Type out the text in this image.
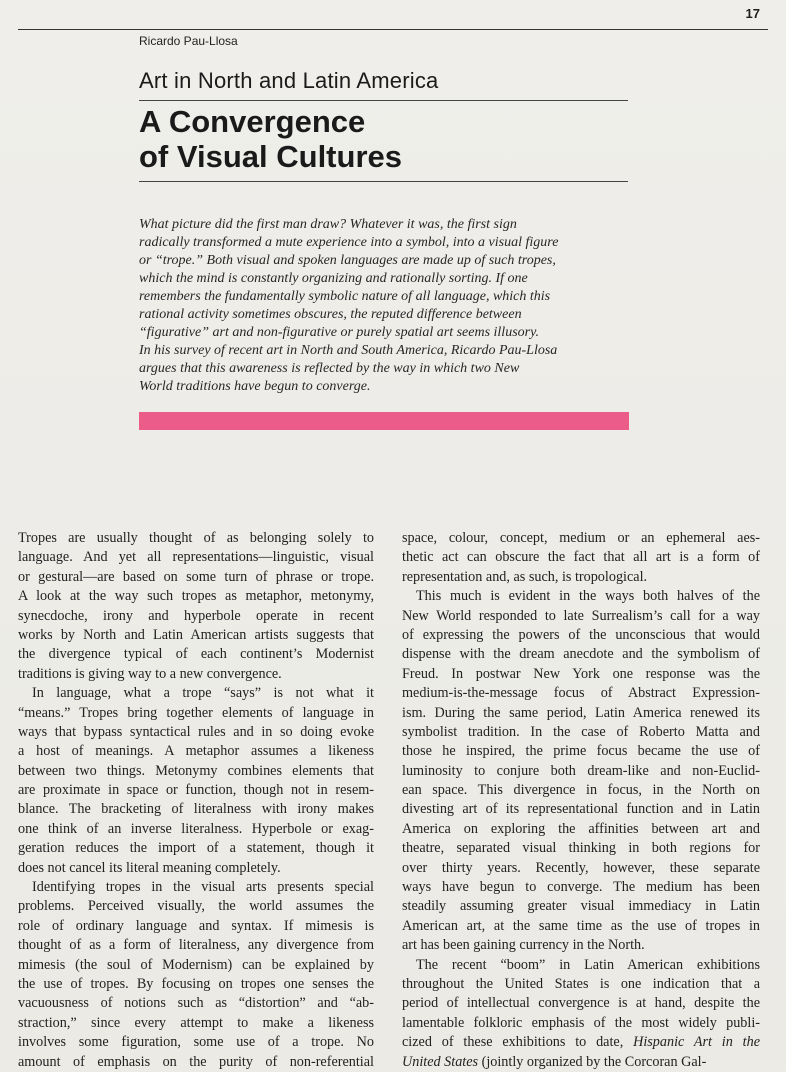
17
Ricardo Pau-Llosa
Art in North and Latin America
A Convergence
of Visual Cultures
What picture did the first man draw? Whatever it was, the first sign
radically transformed a mute experience into a symbol, into a visual figure
or “trope.” Both visual and spoken languages are made up of such tropes,
which the mind is constantly organizing and rationally sorting. If one
remembers the fundamentally symbolic nature of all language, which this
rational activity sometimes obscures, the reputed difference between
“figurative” art and non-figurative or purely spatial art seems illusory.
In his survey of recent art in North and South America, Ricardo Pau-Llosa
argues that this awareness is reflected by the way in which two New
World traditions have begun to converge.
Tropes are usually thought of as belonging solely to
language. And yet all representations—linguistic, visual
or gestural—are based on some turn of phrase or trope.
A look at the way such tropes as metaphor, metonymy,
synecdoche, irony and hyperbole operate in recent
works by North and Latin American artists suggests that
the divergence typical of each continent’s Modernist
traditions is giving way to a new convergence.
In language, what a trope “says” is not what it
“means.” Tropes bring together elements of language in
ways that bypass syntactical rules and in so doing evoke
a host of meanings. A metaphor assumes a likeness
between two things. Metonymy combines elements that
are proximate in space or function, though not in resem-
blance. The bracketing of literalness with irony makes
one think of an inverse literalness. Hyperbole or exag-
geration reduces the import of a statement, though it
does not cancel its literal meaning completely.
Identifying tropes in the visual arts presents special
problems. Perceived visually, the world assumes the
role of ordinary language and syntax. If mimesis is
thought of as a form of literalness, any divergence from
mimesis (the soul of Modernism) can be explained by
the use of tropes. By focusing on tropes one senses the
vacuousness of notions such as “distortion” and “ab-
straction,” since every attempt to make a likeness
involves some figuration, some use of a trope. No
amount of emphasis on the purity of non-referential
space, colour, concept, medium or an ephemeral aes-
thetic act can obscure the fact that all art is a form of
representation and, as such, is tropological.
This much is evident in the ways both halves of the
New World responded to late Surrealism’s call for a way
of expressing the powers of the unconscious that would
dispense with the dream anecdote and the symbolism of
Freud. In postwar New York one response was the
medium-is-the-message focus of Abstract Expression-
ism. During the same period, Latin America renewed its
symbolist tradition. In the case of Roberto Matta and
those he inspired, the prime focus became the use of
luminosity to conjure both dream-like and non-Euclid-
ean space. This divergence in focus, in the North on
divesting art of its representational function and in Latin
America on exploring the affinities between art and
theatre, separated visual thinking in both regions for
over thirty years. Recently, however, these separate
ways have begun to converge. The medium has been
steadily assuming greater visual immediacy in Latin
American art, at the same time as the use of tropes in
art has been gaining currency in the North.
The recent “boom” in Latin American exhibitions
throughout the United States is one indication that a
period of intellectual convergence is at hand, despite the
lamentable folkloric emphasis of the most widely publi-
cized of these exhibitions to date, Hispanic Art in the
United States (jointly organized by the Corcoran Gal-
